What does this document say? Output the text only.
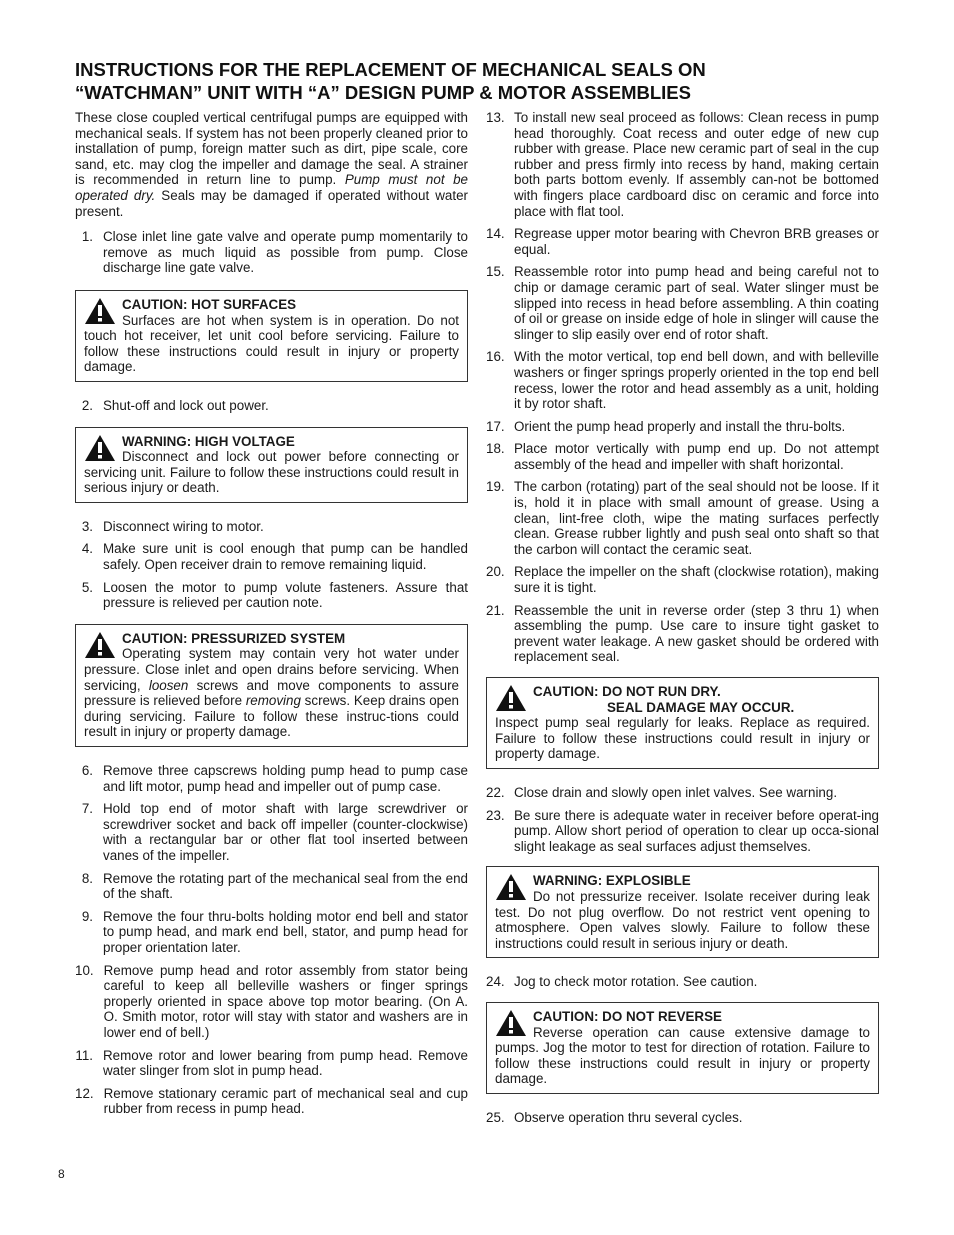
INSTRUCTIONS FOR THE REPLACEMENT OF MECHANICAL SEALS ON
“WATCHMAN” UNIT WITH “A” DESIGN PUMP & MOTOR ASSEMBLIES

These close coupled vertical centrifugal pumps are equipped with mechanical seals. If system has not been properly cleaned prior to installation of pump, foreign matter such as dirt, pipe scale, core sand, etc. may clog the impeller and damage the seal. A strainer is recommended in return line to pump. Pump must not be operated dry. Seals may be damaged if operated without water present.

1. Close inlet line gate valve and operate pump momentarily to remove as much liquid as possible from pump. Close discharge line gate valve.
CAUTION: HOT SURFACES
Surfaces are hot when system is in operation. Do not touch hot receiver, let unit cool before servicing. Failure to follow these instructions could result in injury or property damage.
2. Shut-off and lock out power.
WARNING: HIGH VOLTAGE
Disconnect and lock out power before connecting or servicing unit. Failure to follow these instructions could result in serious injury or death.
3. Disconnect wiring to motor.
4. Make sure unit is cool enough that pump can be handled safely. Open receiver drain to remove remaining liquid.
5. Loosen the motor to pump volute fasteners. Assure that pressure is relieved per caution note.
CAUTION: PRESSURIZED SYSTEM
Operating system may contain very hot water under pressure. Close inlet and open drains before servicing. When servicing, loosen screws and move components to assure pressure is relieved before removing screws. Keep drains open during servicing. Failure to follow these instruc-tions could result in injury or property damage.
6. Remove three capscrews holding pump head to pump case and lift motor, pump head and impeller out of pump case.
7. Hold top end of motor shaft with large screwdriver or screwdriver socket and back off impeller (counter-clockwise) with a rectangular bar or other flat tool inserted between vanes of the impeller.
8. Remove the rotating part of the mechanical seal from the end of the shaft.
9. Remove the four thru-bolts holding motor end bell and stator to pump head, and mark end bell, stator, and pump head for proper orientation later.
10. Remove pump head and rotor assembly from stator being careful to keep all belleville washers or finger springs properly oriented in space above top motor bearing. (On A. O. Smith motor, rotor will stay with stator and washers are in lower end of bell.)
11. Remove rotor and lower bearing from pump head. Remove water slinger from slot in pump head.
12. Remove stationary ceramic part of mechanical seal and cup rubber from recess in pump head.
13. To install new seal proceed as follows: Clean recess in pump head thoroughly. Coat recess and outer edge of new cup rubber with grease. Place new ceramic part of seal in the cup rubber and press firmly into recess by hand, making certain both parts bottom evenly. If assembly can-not be bottomed with fingers place cardboard disc on ceramic and force into place with flat tool.
14. Regrease upper motor bearing with Chevron BRB greases or equal.
15. Reassemble rotor into pump head and being careful not to chip or damage ceramic part of seal. Water slinger must be slipped into recess in head before assembling. A thin coating of oil or grease on inside edge of hole in slinger will cause the slinger to slip easily over end of rotor shaft.
16. With the motor vertical, top end bell down, and with belleville washers or finger springs properly oriented in the top end bell recess, lower the rotor and head assembly as a unit, holding it by rotor shaft.
17. Orient the pump head properly and install the thru-bolts.
18. Place motor vertically with pump end up. Do not attempt assembly of the head and impeller with shaft horizontal.
19. The carbon (rotating) part of the seal should not be loose. If it is, hold it in place with small amount of grease. Using a clean, lint-free cloth, wipe the mating surfaces perfectly clean. Grease rubber lightly and push seal onto shaft so that the carbon will contact the ceramic seat.
20. Replace the impeller on the shaft (clockwise rotation), making sure it is tight.
21. Reassemble the unit in reverse order (step 3 thru 1) when assembling the pump. Use care to insure tight gasket to prevent water leakage. A new gasket should be ordered with replacement seal.
CAUTION: DO NOT RUN DRY.
SEAL DAMAGE MAY OCCUR.
Inspect pump seal regularly for leaks. Replace as required. Failure to follow these instructions could result in injury or property damage.
22. Close drain and slowly open inlet valves. See warning.
23. Be sure there is adequate water in receiver before operat-ing pump. Allow short period of operation to clear up occa-sional slight leakage as seal surfaces adjust themselves.
WARNING: EXPLOSIBLE
Do not pressurize receiver. Isolate receiver during leak test. Do not plug overflow. Do not restrict vent opening to atmosphere. Open valves slowly. Failure to follow these instructions could result in serious injury or death.
24. Jog to check motor rotation. See caution.
CAUTION: DO NOT REVERSE
Reverse operation can cause extensive damage to pumps. Jog the motor to test for direction of rotation. Failure to follow these instructions could result in injury or property damage.
25. Observe operation thru several cycles.
8
